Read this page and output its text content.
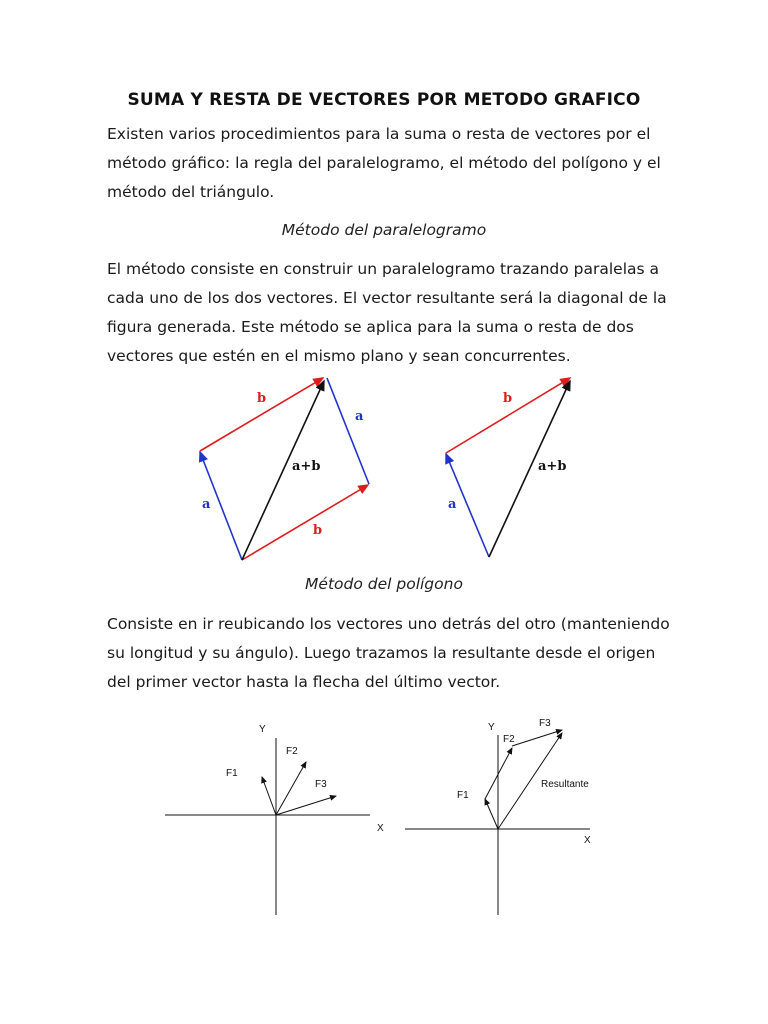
SUMA Y RESTA DE VECTORES POR METODO GRAFICO

Existen varios procedimientos para la suma o resta de vectores por el
método gráfico: la regla del paralelogramo, el método del polígono y el
método del triángulo.

Método del paralelogramo

El método consiste en construir un paralelogramo trazando paralelas a
cada uno de los dos vectores. El vector resultante será la diagonal de la
figura generada. Este método se aplica para la suma o resta de dos
vectores que estén en el mismo plano y sean concurrentes.

b
a
a+b
a
b
b
a+b
a

Método del polígono

Consiste en ir reubicando los vectores uno detrás del otro (manteniendo
su longitud y su ángulo). Luego trazamos la resultante desde el origen
del primer vector hasta la flecha del último vector.

Y
X
F1
F2
F3
Y
X
F1
F2
F3
Resultante
